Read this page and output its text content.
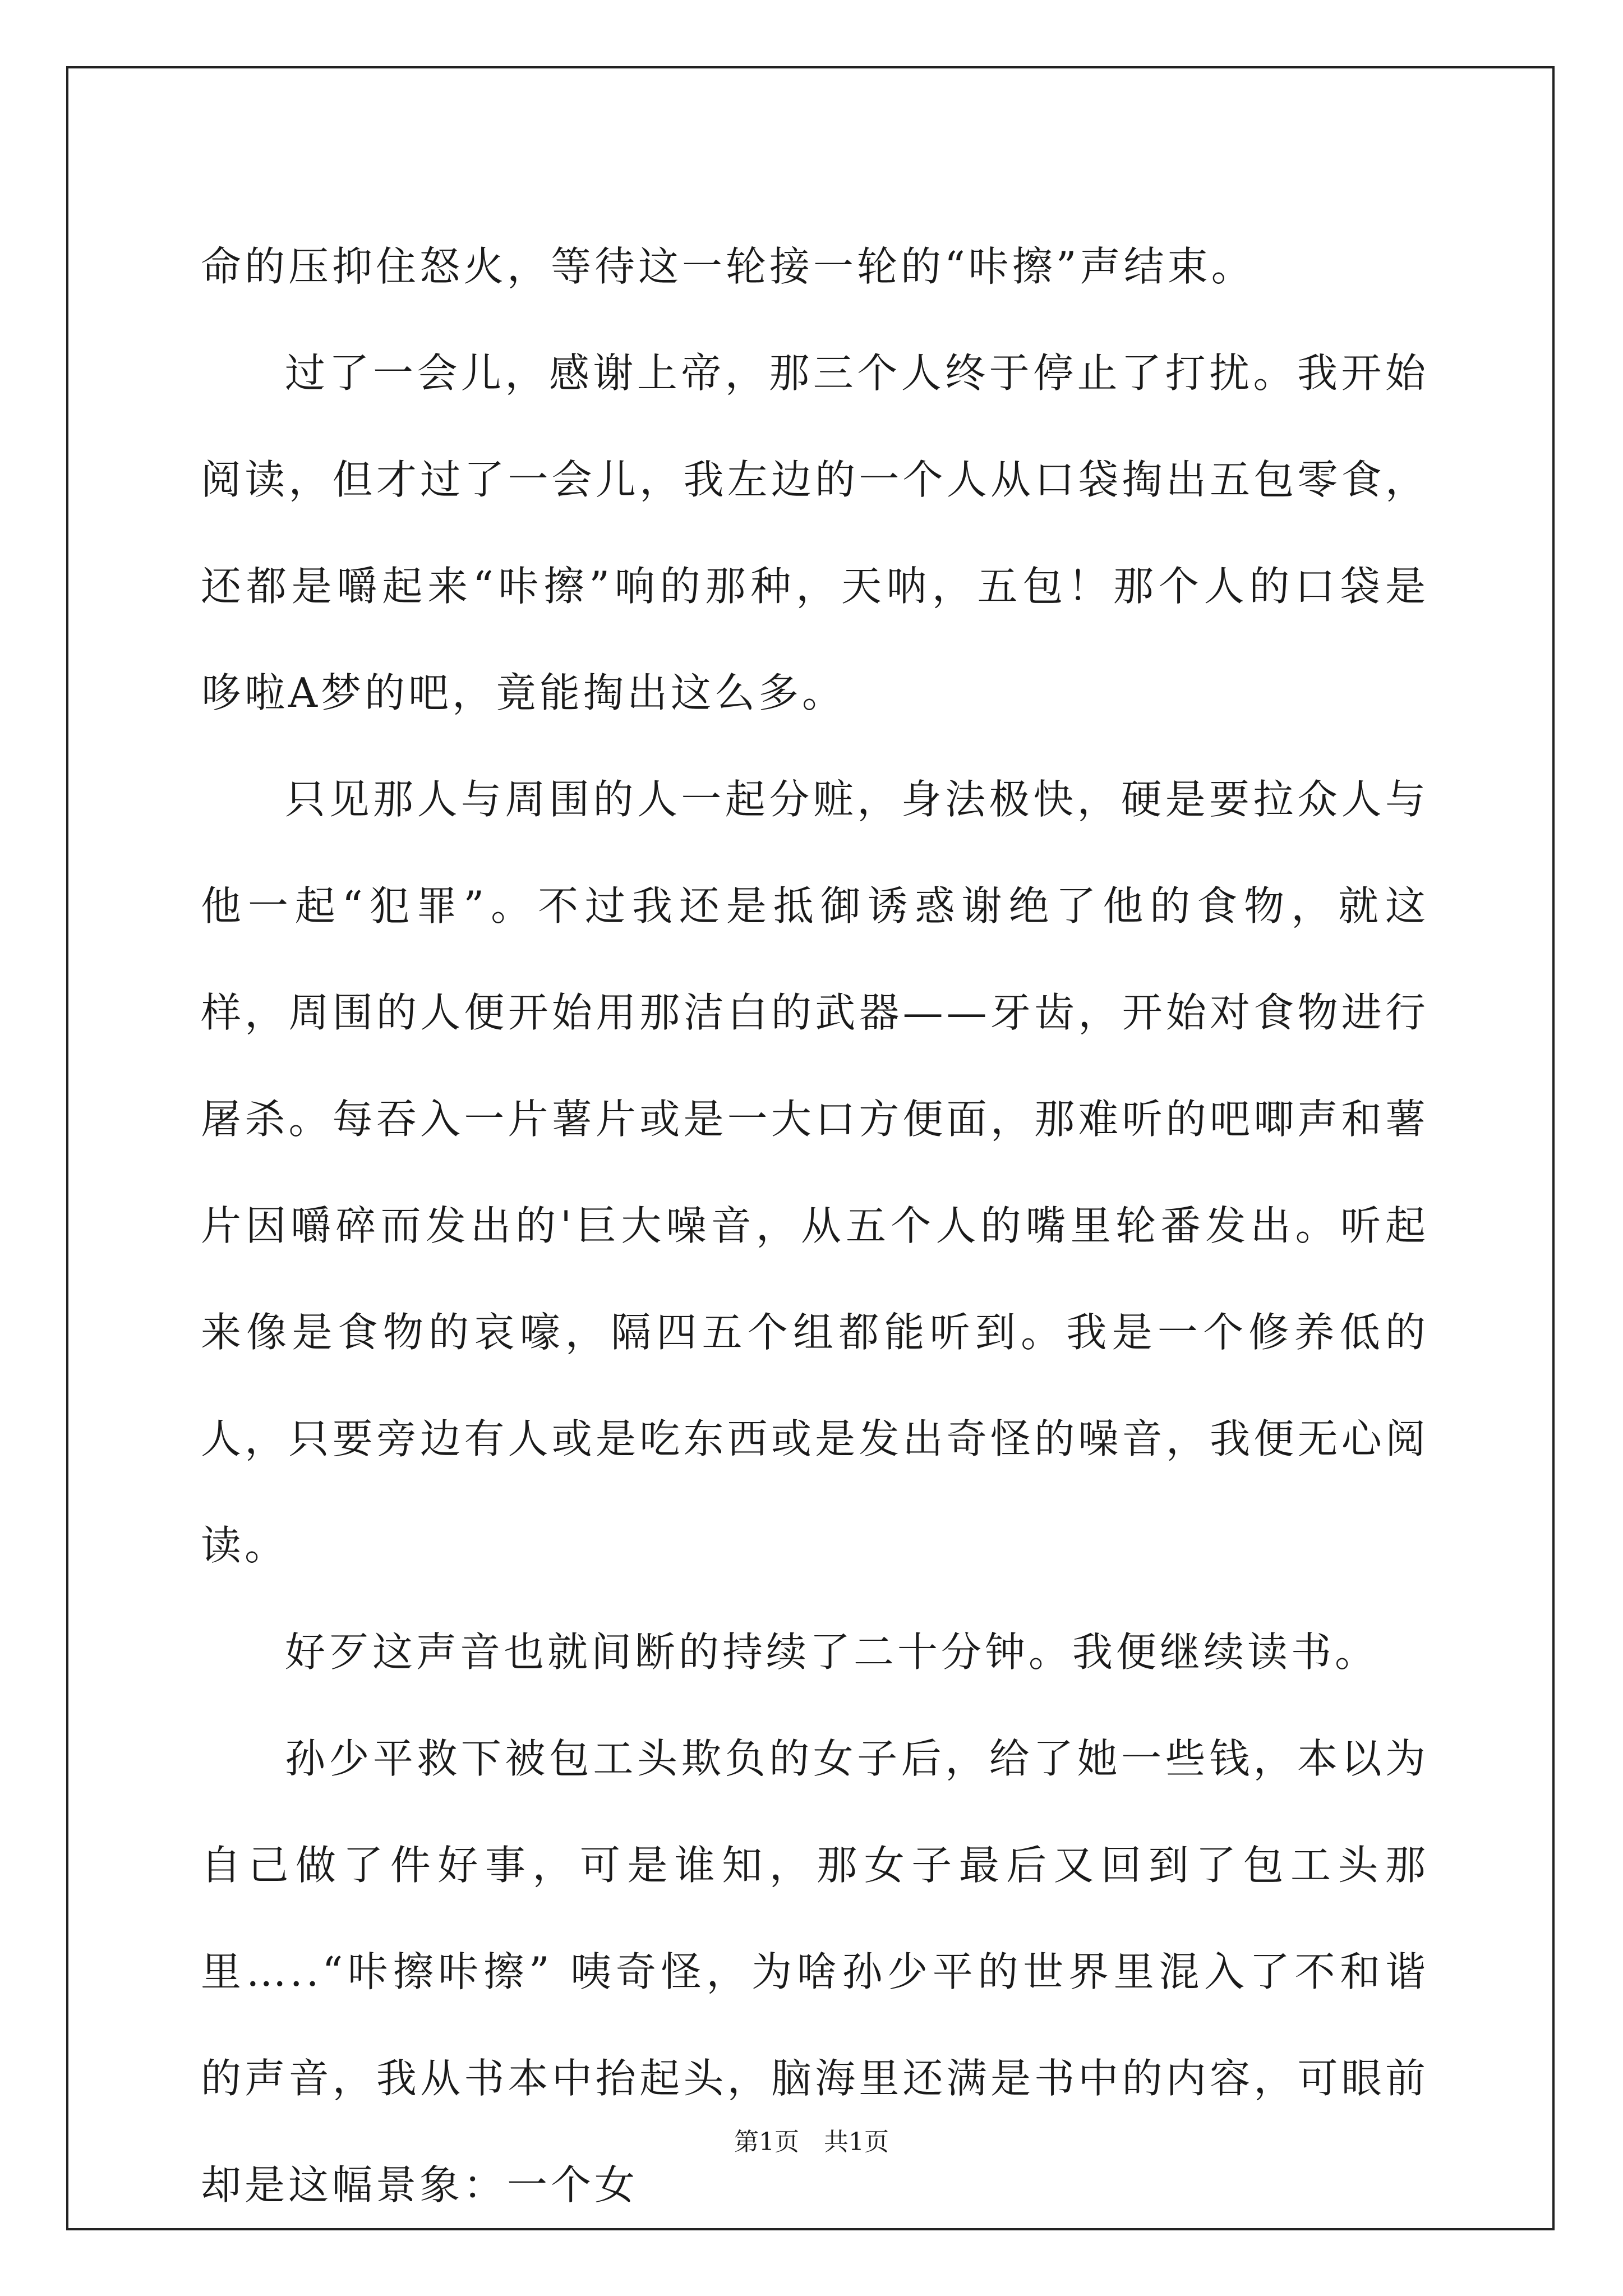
命的压抑住怒火，等待这一轮接一轮的“咔擦”声结束。

过了一会儿，感谢上帝，那三个人终于停止了打扰。我开始阅读，但才过了一会儿，我左边的一个人从口袋掏出五包零食，还都是嚼起来“咔擦”响的那种，天呐，五包！那个人的口袋是哆啦A梦的吧，竟能掏出这么多。

只见那人与周围的人一起分赃，身法极快，硬是要拉众人与他一起“犯罪”。不过我还是抵御诱惑谢绝了他的食物，就这样，周围的人便开始用那洁白的武器——牙齿，开始对食物进行屠杀。每吞入一片薯片或是一大口方便面，那难听的吧唧声和薯片因嚼碎而发出的'巨大噪音，从五个人的嘴里轮番发出。听起来像是食物的哀嚎，隔四五个组都能听到。我是一个修养低的人，只要旁边有人或是吃东西或是发出奇怪的噪音，我便无心阅读。

好歹这声音也就间断的持续了二十分钟。我便继续读书。

孙少平救下被包工头欺负的女子后，给了她一些钱，本以为自己做了件好事，可是谁知，那女子最后又回到了包工头那里…..“咔擦咔擦” 咦奇怪，为啥孙少平的世界里混入了不和谐的声音，我从书本中抬起头，脑海里还满是书中的内容，可眼前却是这幅景象：一个女

第1页　共1页
